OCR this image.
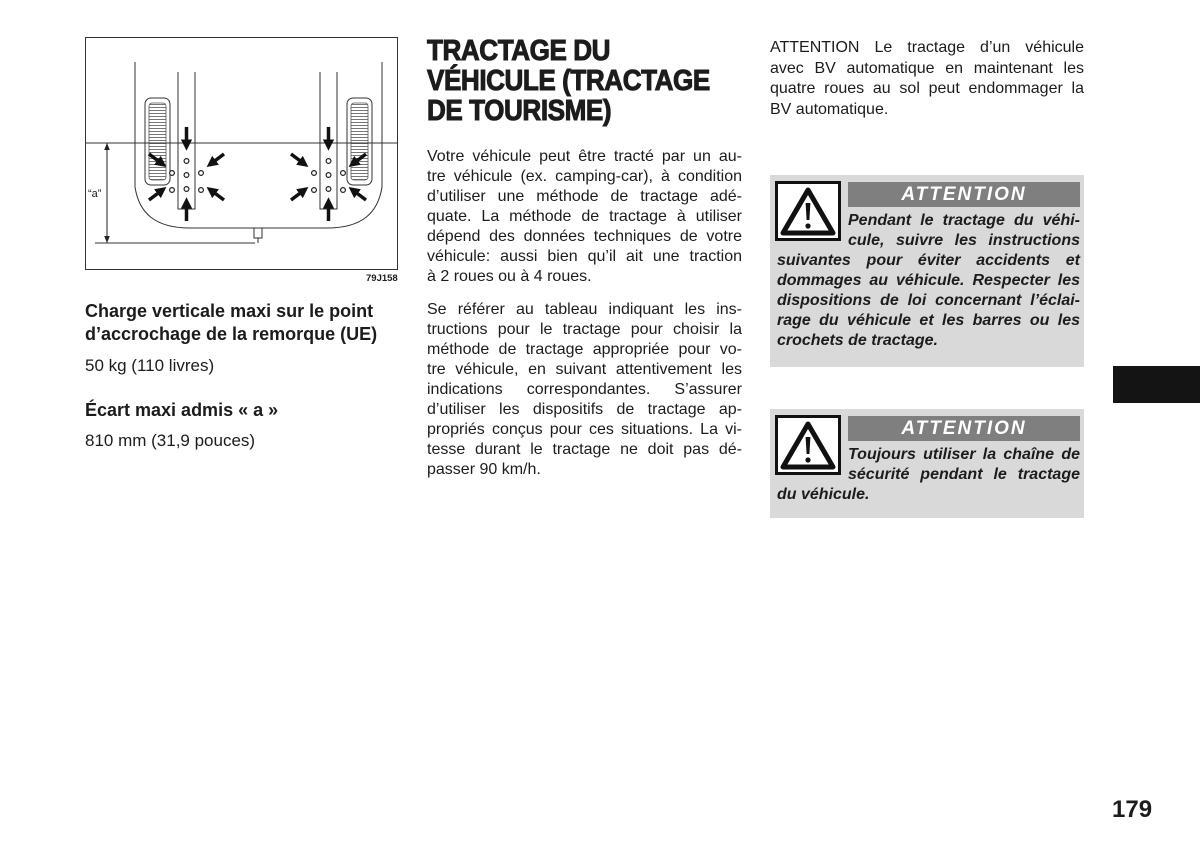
“a”
79J158
Charge verticale maxi sur le point
d’accrochage de la remorque (UE)
50 kg (110 livres)
Écart maxi admis « a »
810 mm (31,9 pouces)
TRACTAGE DU
VÉHICULE (TRACTAGE
DE TOURISME)
Votre véhicule peut être tracté par un au-
tre véhicule (ex. camping-car), à condition
d’utiliser une méthode de tractage adé-
quate. La méthode de tractage à utiliser
dépend des données techniques de votre
véhicule: aussi bien qu’il ait une traction
à 2 roues ou à 4 roues.
Se référer au tableau indiquant les ins-
tructions pour le tractage pour choisir la
méthode de tractage appropriée pour vo-
tre véhicule, en suivant attentivement les
indications correspondantes. S’assurer
d’utiliser les dispositifs de tractage ap-
propriés conçus pour ces situations. La vi-
tesse durant le tractage ne doit pas dé-
passer 90 km/h.
ATTENTION Le tractage d’un véhicule
avec BV automatique en maintenant les
quatre roues au sol peut endommager la
BV automatique.
ATTENTION
Pendant le tractage du véhi-
cule, suivre les instructions
suivantes pour éviter accidents et
dommages au véhicule. Respecter les
dispositions de loi concernant l’éclai-
rage du véhicule et les barres ou les
crochets de tractage.
ATTENTION
Toujours utiliser la chaîne de
sécurité pendant le tractage
du véhicule.
179
